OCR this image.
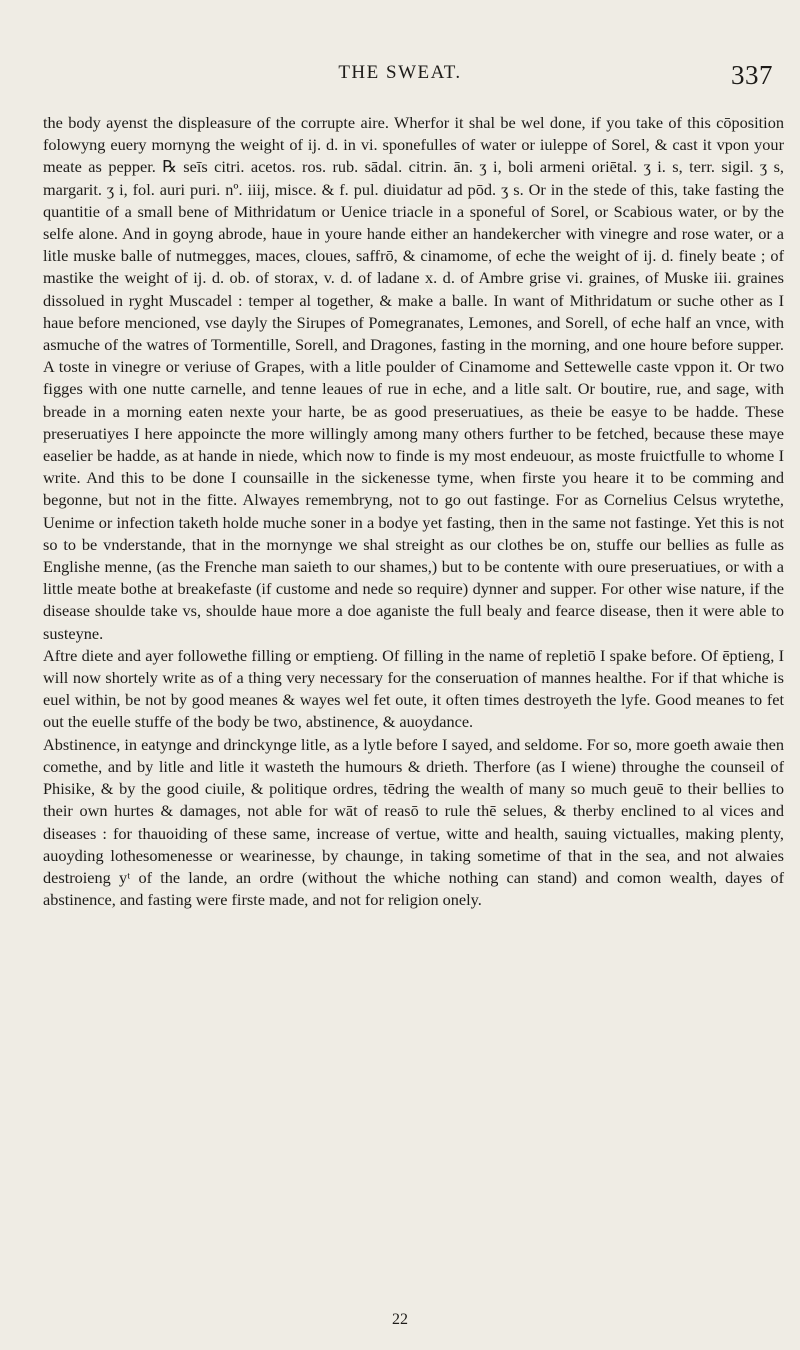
THE SWEAT.	337

the body ayenst the displeasure of the corrupte aire. Wherfor it shal be wel done, if you take of this cōposition folowyng euery mornyng the weight of ij. d. in vi. sponefulles of water or iuleppe of Sorel, & cast it vpon your meate as pepper. ℞ seīs citri. acetos. ros. rub. sādal. citrin. ān. ʒ i, boli armeni oriētal. ʒ i. s, terr. sigil. ʒ s, margarit. ʒ i, fol. auri puri. nº. iiij, misce. & f. pul. diuidatur ad pōd. ʒ s. Or in the stede of this, take fasting the quantitie of a small bene of Mithridatum or Uenice triacle in a sponeful of Sorel, or Scabious water, or by the selfe alone. And in goyng abrode, haue in youre hande either an handekercher with vinegre and rose water, or a litle muske balle of nutmegges, maces, cloues, saffrō, & cinamome, of eche the weight of ij. d. finely beate ; of mastike the weight of ij. d. ob. of storax, v. d. of ladane x. d. of Ambre grise vi. graines, of Muske iii. graines dissolued in ryght Muscadel : temper al together, & make a balle. In want of Mithridatum or suche other as I haue before mencioned, vse dayly the Sirupes of Pomegranates, Lemones, and Sorell, of eche half an vnce, with asmuche of the watres of Tormentille, Sorell, and Dragones, fasting in the morning, and one houre before supper. A toste in vinegre or veriuse of Grapes, with a litle poulder of Cinamome and Settewelle caste vppon it. Or two figges with one nutte carnelle, and tenne leaues of rue in eche, and a litle salt. Or boutire, rue, and sage, with breade in a morning eaten nexte your harte, be as good preseruatiues, as theie be easye to be hadde. These preseruatiyes I here appoincte the more willingly among many others further to be fetched, because these maye easelier be hadde, as at hande in niede, which now to finde is my most endeuour, as moste fruictfulle to whome I write. And this to be done I counsaille in the sickenesse tyme, when firste you heare it to be comming and begonne, but not in the fitte. Alwayes remembryng, not to go out fastinge. For as Cornelius Celsus wrytethe, Uenime or infection taketh holde muche soner in a bodye yet fasting, then in the same not fastinge. Yet this is not so to be vnderstande, that in the mornynge we shal streight as our clothes be on, stuffe our bellies as fulle as Englishe menne, (as the Frenche man saieth to our shames,) but to be contente with oure preseruatiues, or with a little meate bothe at breakefaste (if custome and nede so require) dynner and supper. For other wise nature, if the disease shoulde take vs, shoulde haue more a doe aganiste the full bealy and fearce disease, then it were able to susteyne.

Aftre diete and ayer followethe filling or emptieng. Of filling in the name of repletiō I spake before. Of ēptieng, I will now shortely write as of a thing very necessary for the conseruation of mannes healthe. For if that whiche is euel within, be not by good meanes & wayes wel fet oute, it often times destroyeth the lyfe. Good meanes to fet out the euelle stuffe of the body be two, abstinence, & auoydance.

Abstinence, in eatynge and drinckynge litle, as a lytle before I sayed, and seldome. For so, more goeth awaie then comethe, and by litle and litle it wasteth the humours & drieth. Therfore (as I wiene) throughe the counseil of Phisike, & by the good ciuile, & politique ordres, tēdring the wealth of many so much geuē to their bellies to their own hurtes & damages, not able for wāt of reasō to rule thē selues, & therby enclined to al vices and diseases : for thauoiding of these same, increase of vertue, witte and health, sauing victualles, making plenty, auoyding lothesomenesse or wearinesse, by chaunge, in taking sometime of that in the sea, and not alwaies destroieng yᵗ of the lande, an ordre (without the whiche nothing can stand) and comon wealth, dayes of abstinence, and fasting were firste made, and not for religion onely.

22
